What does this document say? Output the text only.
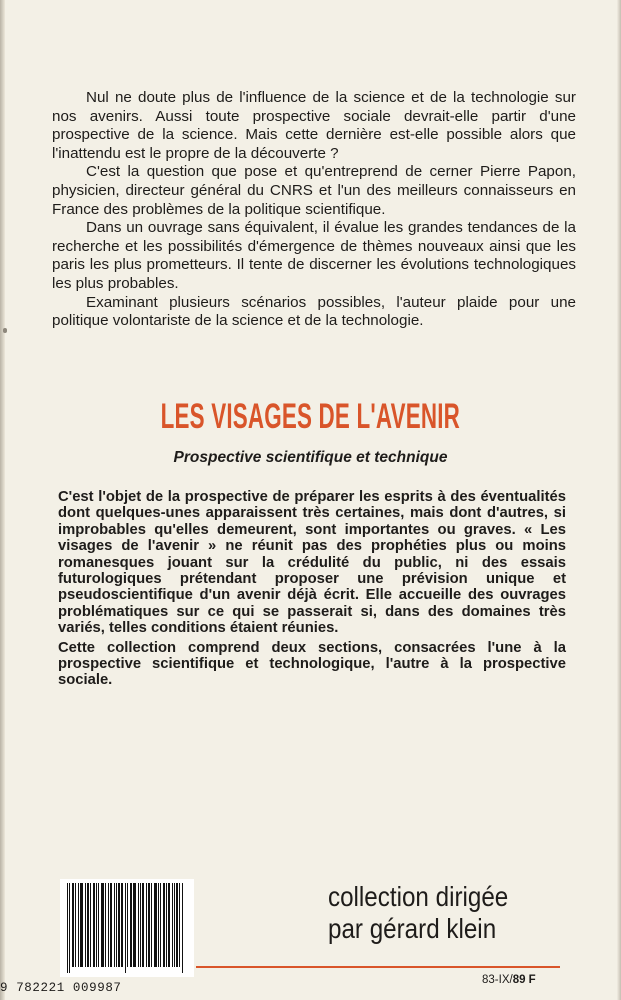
Nul ne doute plus de l'influence de la science et de la technologie sur nos avenirs. Aussi toute prospective sociale devrait-elle partir d'une prospective de la science. Mais cette dernière est-elle possible alors que l'inattendu est le propre de la découverte ?

C'est la question que pose et qu'entreprend de cerner Pierre Papon, physicien, directeur général du CNRS et l'un des meilleurs connaisseurs en France des problèmes de la politique scientifique.

Dans un ouvrage sans équivalent, il évalue les grandes tendances de la recherche et les possibilités d'émergence de thèmes nouveaux ainsi que les paris les plus prometteurs. Il tente de discerner les évolutions technologiques les plus probables.

Examinant plusieurs scénarios possibles, l'auteur plaide pour une politique volontariste de la science et de la technologie.

LES VISAGES DE L'AVENIR
Prospective scientifique et technique

C'est l'objet de la prospective de préparer les esprits à des éventualités dont quelques-unes apparaissent très certaines, mais dont d'autres, si improbables qu'elles demeurent, sont importantes ou graves. « Les visages de l'avenir » ne réunit pas des prophéties plus ou moins romanesques jouant sur la crédulité du public, ni des essais futurologiques prétendant proposer une prévision unique et pseudoscientifique d'un avenir déjà écrit. Elle accueille des ouvrages problématiques sur ce qui se passerait si, dans des domaines très variés, telles conditions étaient réunies.

Cette collection comprend deux sections, consacrées l'une à la prospective scientifique et technologique, l'autre à la prospective sociale.

9 782221 009987
collection dirigée
par gérard klein
83-IX/89 F
